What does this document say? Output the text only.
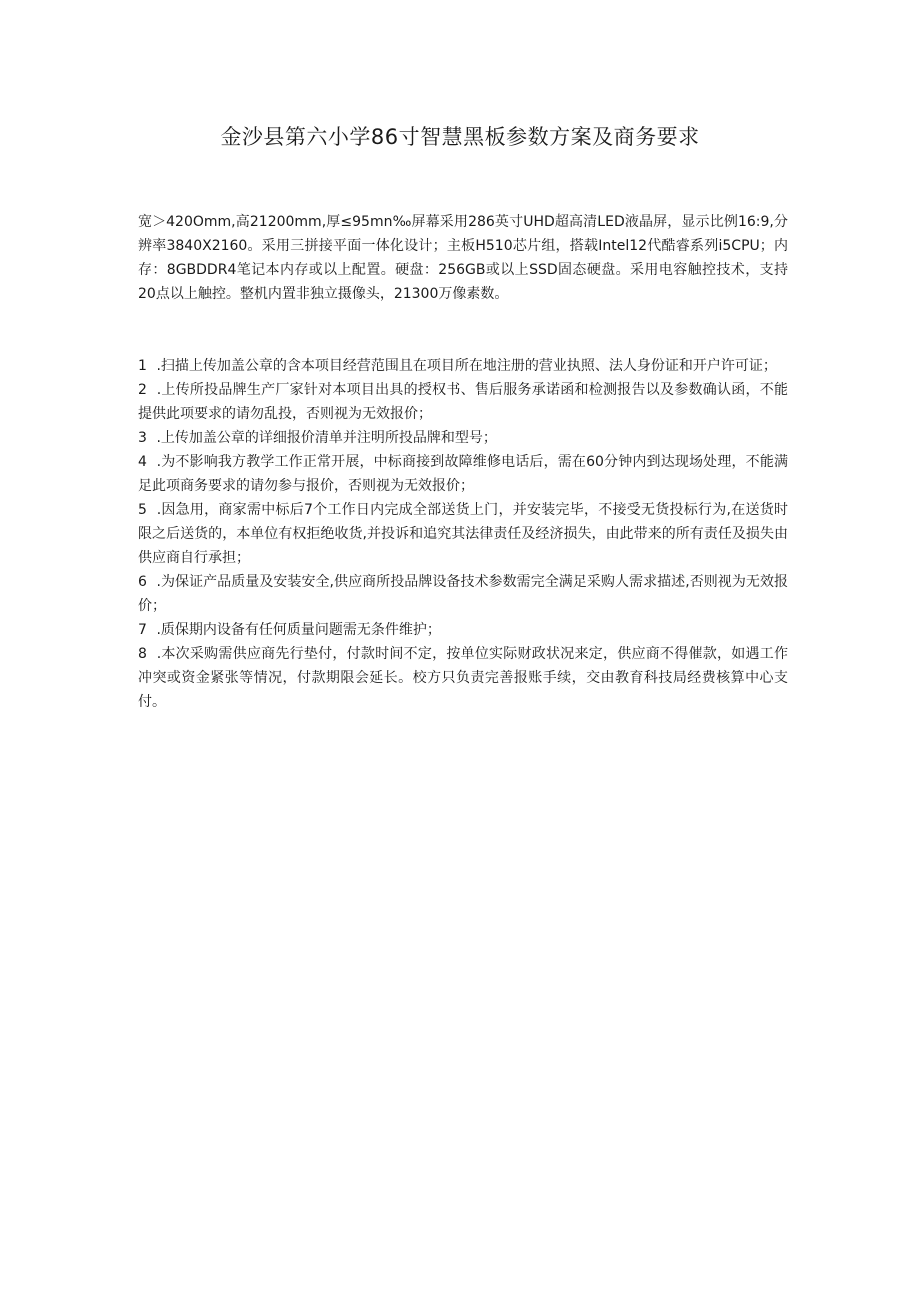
金沙县第六小学86寸智慧黑板参数方案及商务要求

宽＞420Omm,高21200mm,厚≤95mn‰屏幕采用286英寸UHD超高清LED液晶屏，显示比例16:9,分辨率3840X2160。采用三拼接平面一体化设计；主板H510芯片组，搭载Intel12代酷睿系列i5CPU；内存：8GBDDR4笔记本内存或以上配置。硬盘：256GB或以上SSD固态硬盘。采用电容触控技术，支持20点以上触控。整机内置非独立摄像头，21300万像素数。

1 .扫描上传加盖公章的含本项目经营范围且在项目所在地注册的营业执照、法人身份证和开户许可证；
2 .上传所投品牌生产厂家针对本项目出具的授权书、售后服务承诺函和检测报告以及参数确认函，不能提供此项要求的请勿乱投，否则视为无效报价；
3 .上传加盖公章的详细报价清单并注明所投品牌和型号；
4 .为不影响我方教学工作正常开展，中标商接到故障维修电话后，需在60分钟内到达现场处理，不能满足此项商务要求的请勿参与报价，否则视为无效报价；
5 .因急用，商家需中标后7个工作日内完成全部送货上门，并安装完毕，不接受无货投标行为,在送货时限之后送货的，本单位有权拒绝收货,并投诉和追究其法律责任及经济损失，由此带来的所有责任及损失由供应商自行承担；
6 .为保证产品质量及安装安全,供应商所投品牌设备技术参数需完全满足采购人需求描述,否则视为无效报价；
7 .质保期内设备有任何质量问题需无条件维护；
8 .本次采购需供应商先行垫付，付款时间不定，按单位实际财政状况来定，供应商不得催款，如遇工作冲突或资金紧张等情况，付款期限会延长。校方只负责完善报账手续，交由教育科技局经费核算中心支付。
